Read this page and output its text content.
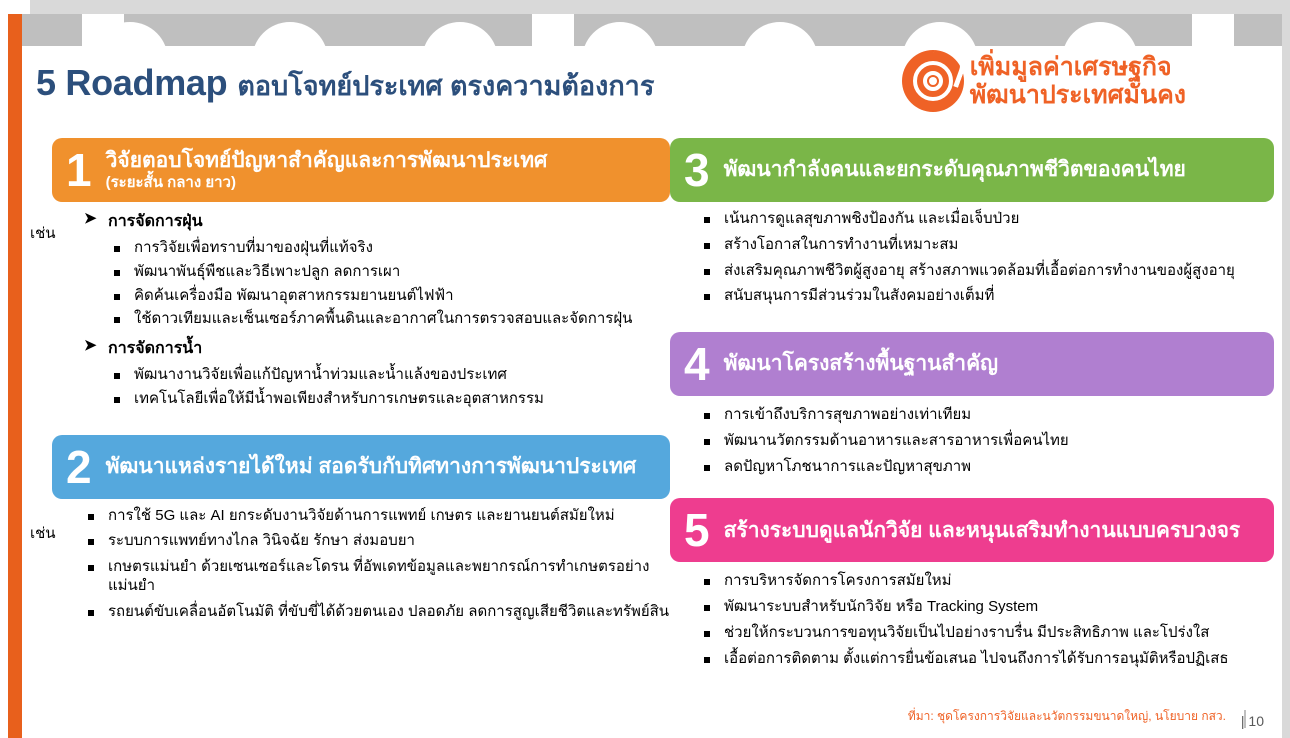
5 Roadmap ตอบโจทย์ประเทศ ตรงความต้องการ
เพิ่มมูลค่าเศรษฐกิจ
พัฒนาประเทศมั่นคง
1 วิจัยตอบโจทย์ปัญหาสำคัญและการพัฒนาประเทศ
(ระยะสั้น กลาง ยาว)
เช่น
➤ การจัดการฝุ่น
การวิจัยเพื่อทราบที่มาของฝุ่นที่แท้จริง
พัฒนาพันธุ์พืชและวิธีเพาะปลูก ลดการเผา
คิดค้นเครื่องมือ พัฒนาอุตสาหกรรมยานยนต์ไฟฟ้า
ใช้ดาวเทียมและเซ็นเซอร์ภาคพื้นดินและอากาศในการตรวจสอบและจัดการฝุ่น
➤ การจัดการน้ำ
พัฒนางานวิจัยเพื่อแก้ปัญหาน้ำท่วมและน้ำแล้งของประเทศ
เทคโนโลยีเพื่อให้มีน้ำพอเพียงสำหรับการเกษตรและอุตสาหกรรม
2 พัฒนาแหล่งรายได้ใหม่ สอดรับกับทิศทางการพัฒนาประเทศ
เช่น
การใช้ 5G และ AI ยกระดับงานวิจัยด้านการแพทย์ เกษตร และยานยนต์สมัยใหม่
ระบบการแพทย์ทางไกล วินิจฉัย รักษา ส่งมอบยา
เกษตรแม่นยำ ด้วยเซนเซอร์และโดรน ที่อัพเดทข้อมูลและพยากรณ์การทำเกษตรอย่างแม่นยำ
รถยนต์ขับเคลื่อนอัตโนมัติ ที่ขับขี่ได้ด้วยตนเอง ปลอดภัย ลดการสูญเสียชีวิตและทรัพย์สิน
3 พัฒนากำลังคนและยกระดับคุณภาพชีวิตของคนไทย
เน้นการดูแลสุขภาพชิงป้องกัน และเมื่อเจ็บป่วย
สร้างโอกาสในการทำงานที่เหมาะสม
ส่งเสริมคุณภาพชีวิตผู้สูงอายุ สร้างสภาพแวดล้อมที่เอื้อต่อการทำงานของผู้สูงอายุ
สนับสนุนการมีส่วนร่วมในสังคมอย่างเต็มที่
4 พัฒนาโครงสร้างพื้นฐานสำคัญ
การเข้าถึงบริการสุขภาพอย่างเท่าเทียม
พัฒนานวัตกรรมด้านอาหารและสารอาหารเพื่อคนไทย
ลดปัญหาโภชนาการและปัญหาสุขภาพ
5 สร้างระบบดูแลนักวิจัย และหนุนเสริมทำงานแบบครบวงจร
การบริหารจัดการโครงการสมัยใหม่
พัฒนาระบบสำหรับนักวิจัย หรือ Tracking System
ช่วยให้กระบวนการขอทุนวิจัยเป็นไปอย่างราบรื่น มีประสิทธิภาพ และโปร่งใส
เอื้อต่อการติดตาม ตั้งแต่การยื่นข้อเสนอ ไปจนถึงการได้รับการอนุมัติหรือปฏิเสธ
ที่มา: ชุดโครงการวิจัยและนวัตกรรมขนาดใหญ่, นโยบาย กสว. | 10
